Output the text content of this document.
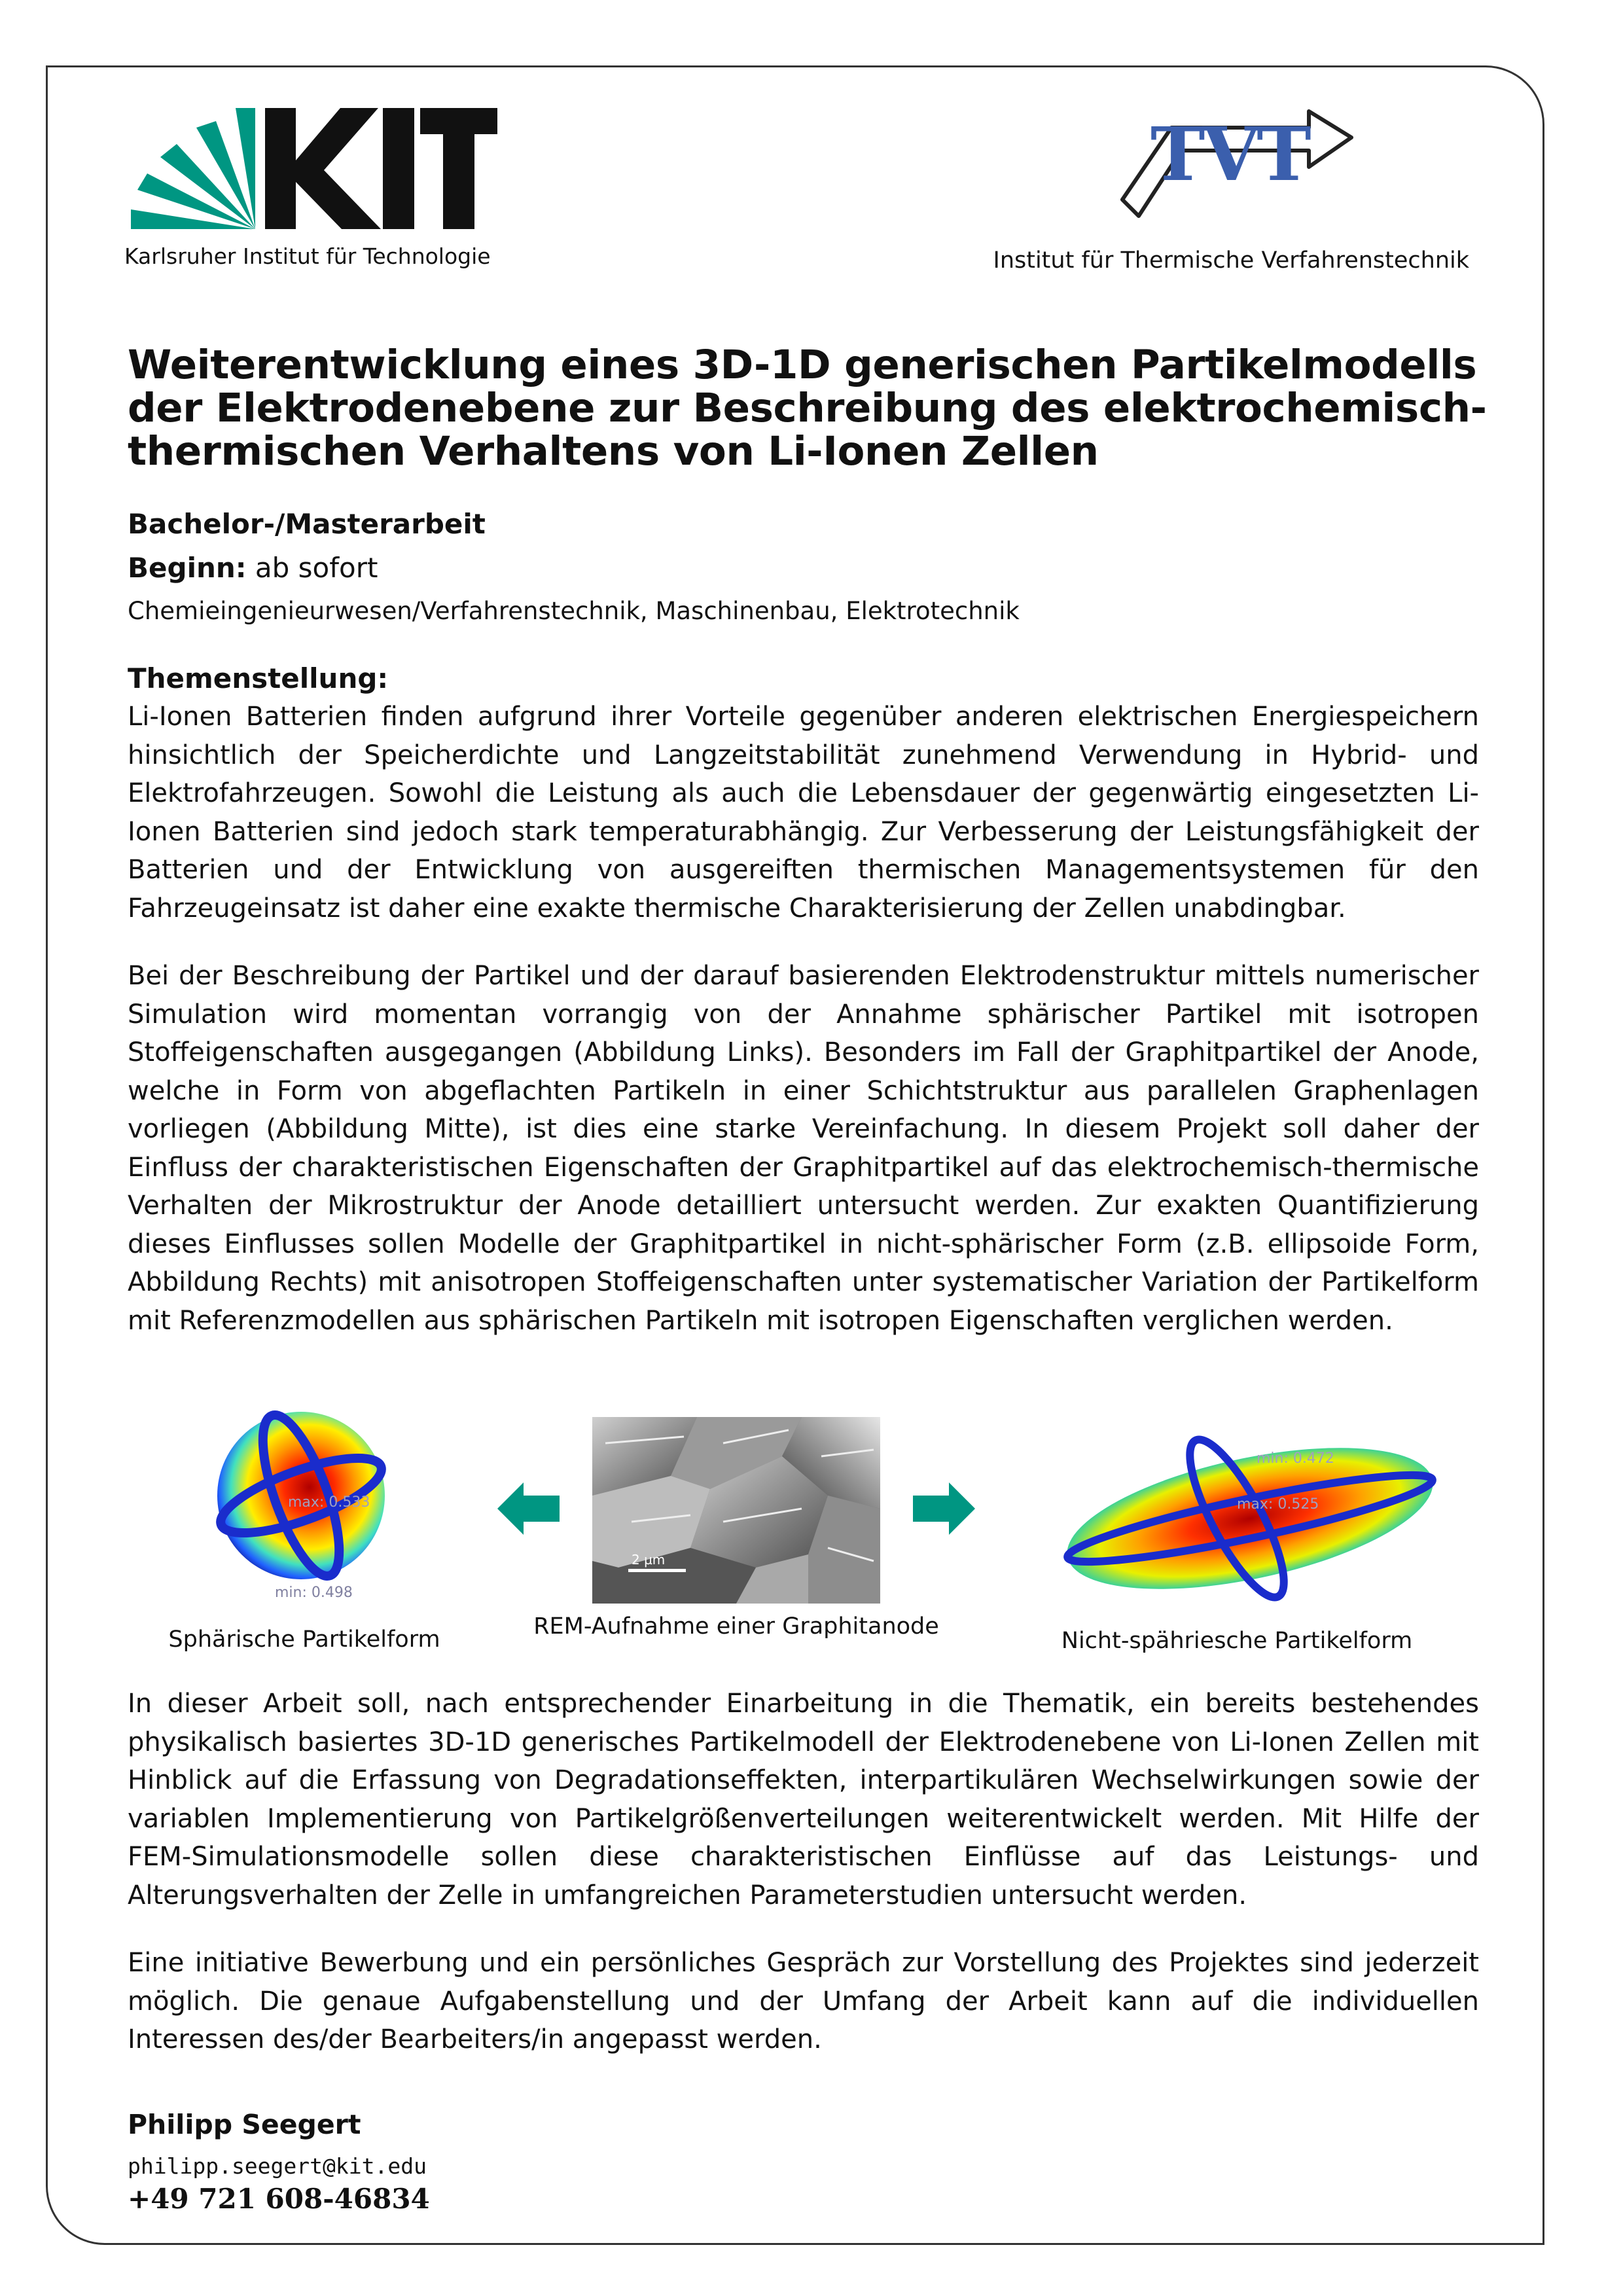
Karlsruher Institut für Technologie
TVT
Institut für Thermische Verfahrenstechnik
Weiterentwicklung eines 3D-1D generischen Partikelmodells der Elektrodenebene zur Beschreibung des elektrochemisch-thermischen Verhaltens von Li-Ionen Zellen
Bachelor-/Masterarbeit
Beginn: ab sofort
Chemieingenieurwesen/Verfahrenstechnik, Maschinenbau, Elektrotechnik
Themenstellung:
Li-Ionen Batterien finden aufgrund ihrer Vorteile gegenüber anderen elektrischen Energiespeichern hinsichtlich der Speicherdichte und Langzeitstabilität zunehmend Verwendung in Hybrid- und Elektrofahrzeugen. Sowohl die Leistung als auch die Lebensdauer der gegenwärtig eingesetzten Li-Ionen Batterien sind jedoch stark temperaturabhängig. Zur Verbesserung der Leistungsfähigkeit der Batterien und der Entwicklung von ausgereiften thermischen Managementsystemen für den Fahrzeugeinsatz ist daher eine exakte thermische Charakterisierung der Zellen unabdingbar.
Bei der Beschreibung der Partikel und der darauf basierenden Elektrodenstruktur mittels numerischer Simulation wird momentan vorrangig von der Annahme sphärischer Partikel mit isotropen Stoffeigenschaften ausgegangen (Abbildung Links). Besonders im Fall der Graphitpartikel der Anode, welche in Form von abgeflachten Partikeln in einer Schichtstruktur aus parallelen Graphenlagen vorliegen (Abbildung Mitte), ist dies eine starke Vereinfachung. In diesem Projekt soll daher der Einfluss der charakteristischen Eigenschaften der Graphitpartikel auf das elektrochemisch-thermische Verhalten der Mikrostruktur der Anode detailliert untersucht werden. Zur exakten Quantifizierung dieses Einflusses sollen Modelle der Graphitpartikel in nicht-sphärischer Form (z.B. ellipsoide Form, Abbildung Rechts) mit anisotropen Stoffeigenschaften unter systematischer Variation der Partikelform mit Referenzmodellen aus sphärischen Partikeln mit isotropen Eigenschaften verglichen werden.
max: 0.533
min: 0.498
Sphärische Partikelform
2 µm
REM-Aufnahme einer Graphitanode
min: 0.472
max: 0.525
Nicht-spähriesche Partikelform
In dieser Arbeit soll, nach entsprechender Einarbeitung in die Thematik, ein bereits bestehendes physikalisch basiertes 3D-1D generisches Partikelmodell der Elektrodenebene von Li-Ionen Zellen mit Hinblick auf die Erfassung von Degradationseffekten, interpartikulären Wechselwirkungen sowie der variablen Implementierung von Partikelgrößenverteilungen weiterentwickelt werden. Mit Hilfe der FEM-Simulationsmodelle sollen diese charakteristischen Einflüsse auf das Leistungs- und Alterungsverhalten der Zelle in umfangreichen Parameterstudien untersucht werden.
Eine initiative Bewerbung und ein persönliches Gespräch zur Vorstellung des Projektes sind jederzeit möglich. Die genaue Aufgabenstellung und der Umfang der Arbeit kann auf die individuellen Interessen des/der Bearbeiters/in angepasst werden.
Philipp Seegert
philipp.seegert@kit.edu
+49 721 608-46834
